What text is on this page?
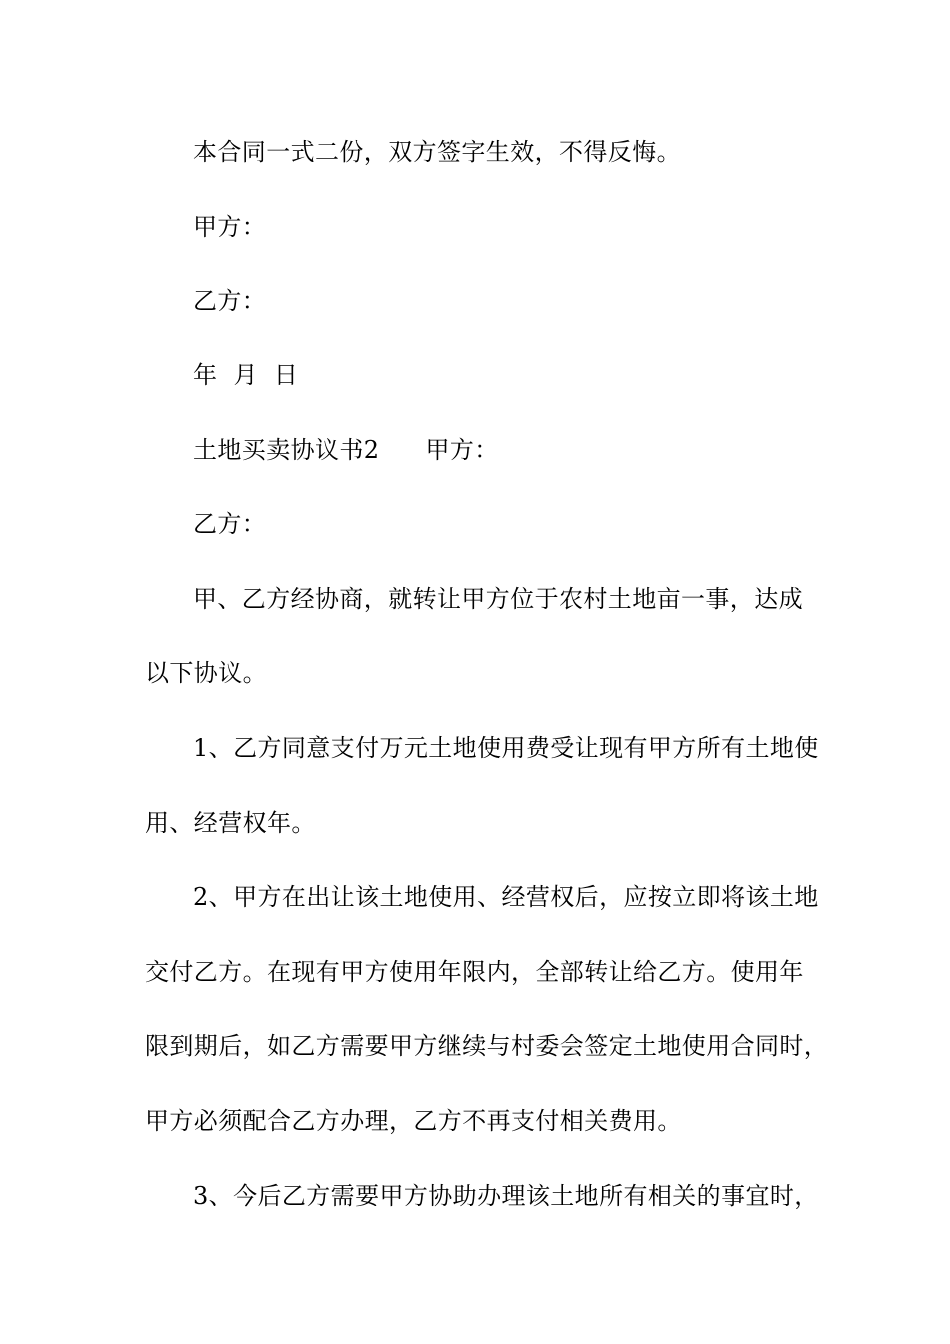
本合同一式二份，双方签字生效，不得反悔。
甲方：
乙方：
年  月  日
土地买卖协议书2 甲方：
乙方：
甲、乙方经协商，就转让甲方位于农村土地亩一事，达成
以下协议。
1、乙方同意支付万元土地使用费受让现有甲方所有土地使
用、经营权年。
2、甲方在出让该土地使用、经营权后，应按立即将该土地
交付乙方。在现有甲方使用年限内，全部转让给乙方。使用年
限到期后，如乙方需要甲方继续与村委会签定土地使用合同时，
甲方必须配合乙方办理，乙方不再支付相关费用。
3、今后乙方需要甲方协助办理该土地所有相关的事宜时，
